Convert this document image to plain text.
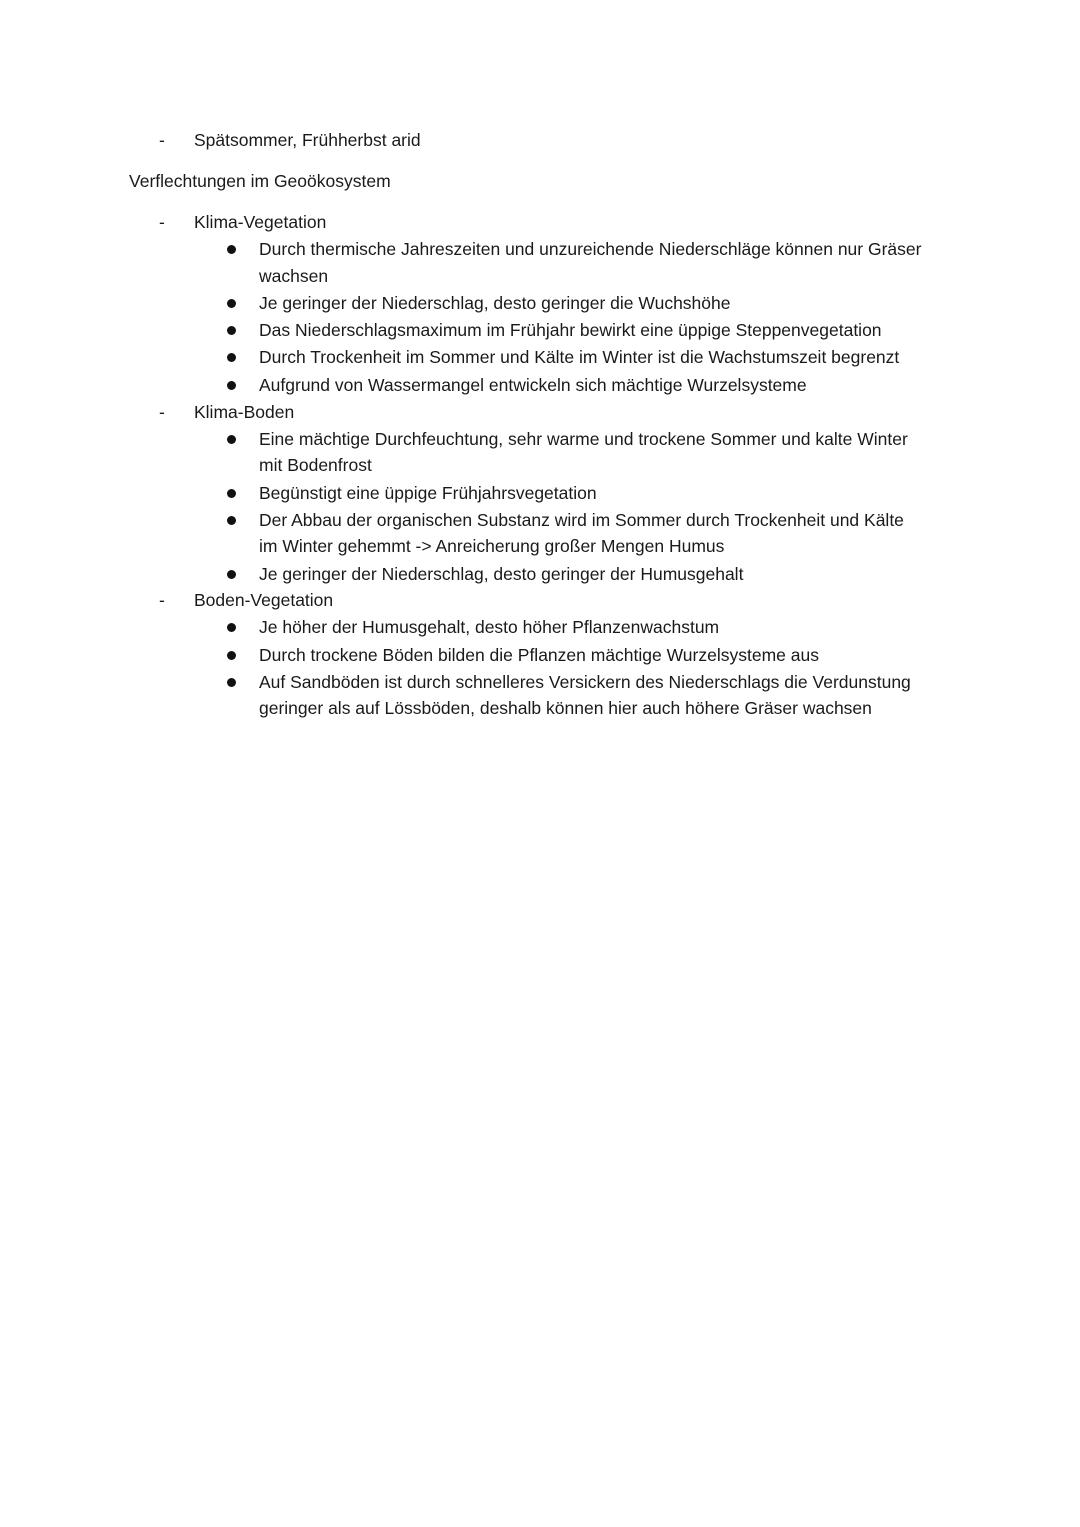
- Spätsommer, Frühherbst arid
Verflechtungen im Geoökosystem
- Klima-Vegetation
Durch thermische Jahreszeiten und unzureichende Niederschläge können nur Gräser
wachsen
Je geringer der Niederschlag, desto geringer die Wuchshöhe
Das Niederschlagsmaximum im Frühjahr bewirkt eine üppige Steppenvegetation
Durch Trockenheit im Sommer und Kälte im Winter ist die Wachstumszeit begrenzt
Aufgrund von Wassermangel entwickeln sich mächtige Wurzelsysteme
- Klima-Boden
Eine mächtige Durchfeuchtung, sehr warme und trockene Sommer und kalte Winter
mit Bodenfrost
Begünstigt eine üppige Frühjahrsvegetation
Der Abbau der organischen Substanz wird im Sommer durch Trockenheit und Kälte
im Winter gehemmt -> Anreicherung großer Mengen Humus
Je geringer der Niederschlag, desto geringer der Humusgehalt
- Boden-Vegetation
Je höher der Humusgehalt, desto höher Pflanzenwachstum
Durch trockene Böden bilden die Pflanzen mächtige Wurzelsysteme aus
Auf Sandböden ist durch schnelleres Versickern des Niederschlags die Verdunstung
geringer als auf Lössböden, deshalb können hier auch höhere Gräser wachsen
